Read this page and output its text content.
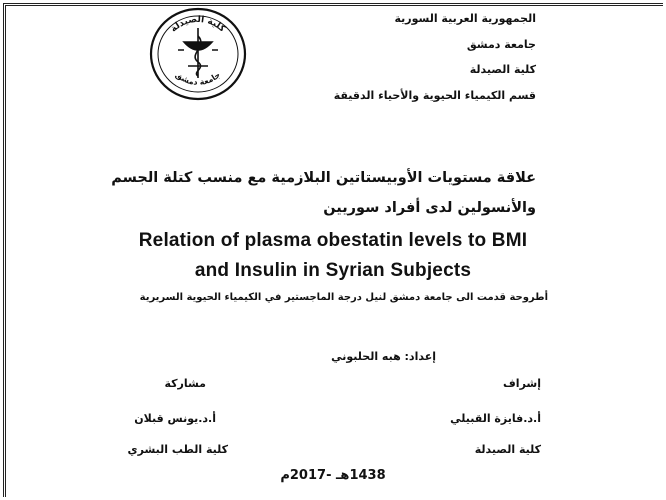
كلية الصيدلة
جامعة دمشق
الجمهورية العربية السورية
جامعة دمشق
كلية الصيدلة
قسم الكيمياء الحيوية والأحياء الدقيقة
علاقة مستويات الأوبيستاتين البلازمية مع منسب كتلة الجسم
والأنسولين لدى أفراد سوريين
Relation of plasma obestatin levels to BMI
and Insulin in Syrian Subjects
أطروحة قدمت الى جامعة دمشق لنيل درجة الماجستير في الكيمياء الحيوية السريرية
إعداد: هبه الحلبوني
إشراف
أ.د.فايزة القبيلي
كلية الصيدلة
مشاركة
أ.د.يونس قبلان
كلية الطب البشري
1438هـ -2017م
